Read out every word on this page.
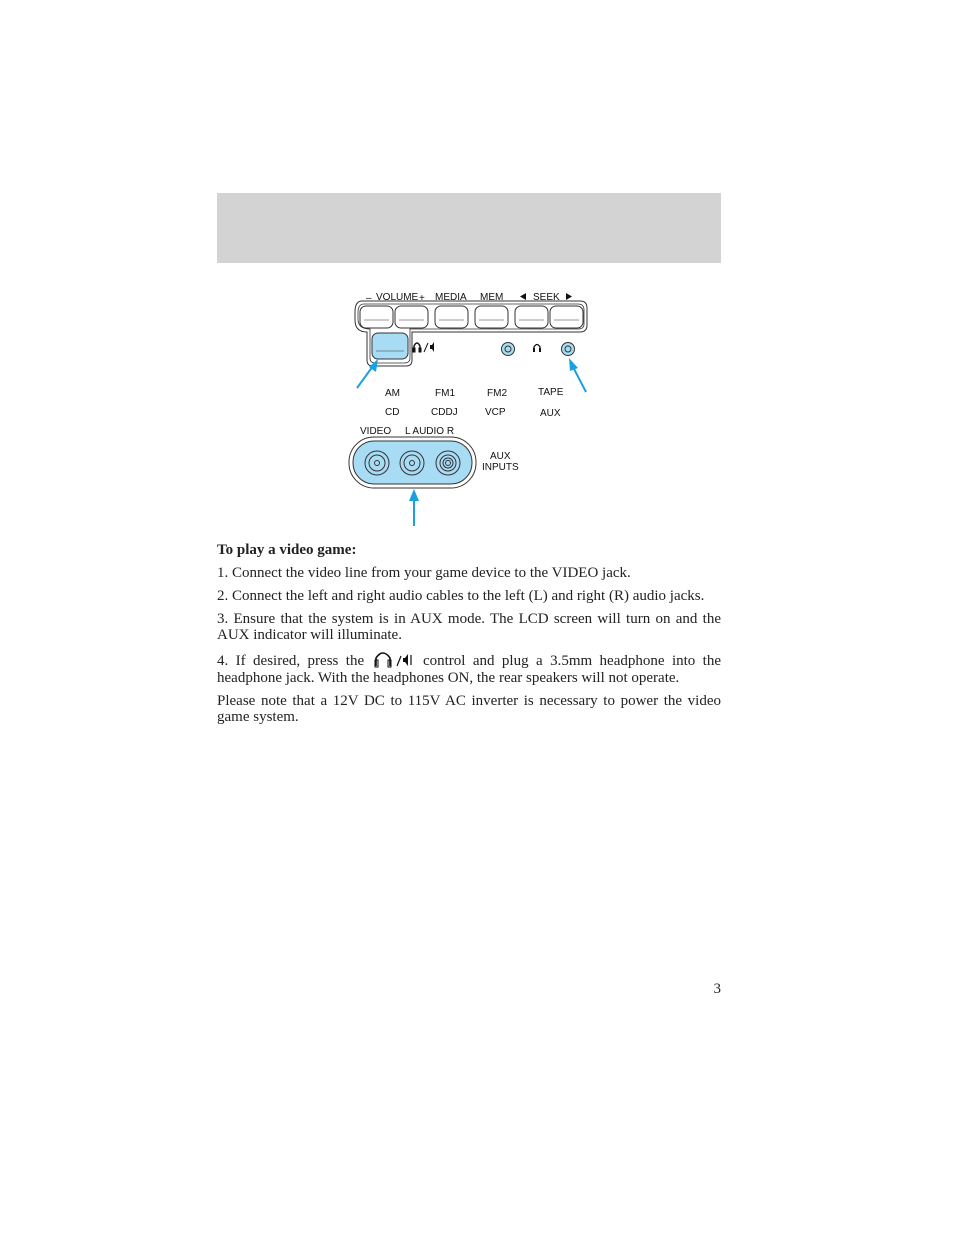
– VOLUME + MEDIA MEM	SEEK
AM	FM1	FM2	TAPE
CD	CDDJ	VCP	AUX
VIDEO L AUDIO R
AUX
INPUTS

To play a video game:

1. Connect the video line from your game device to the VIDEO jack.

2. Connect the left and right audio cables to the left (L) and right (R) audio jacks.

3. Ensure that the system is in AUX mode. The LCD screen will turn on and the AUX indicator will illuminate.

4. If desired, press the	control and plug a 3.5mm headphone into the headphone jack. With the headphones ON, the rear speakers will not operate.

Please note that a 12V DC to 115V AC inverter is necessary to power the video game system.

3
